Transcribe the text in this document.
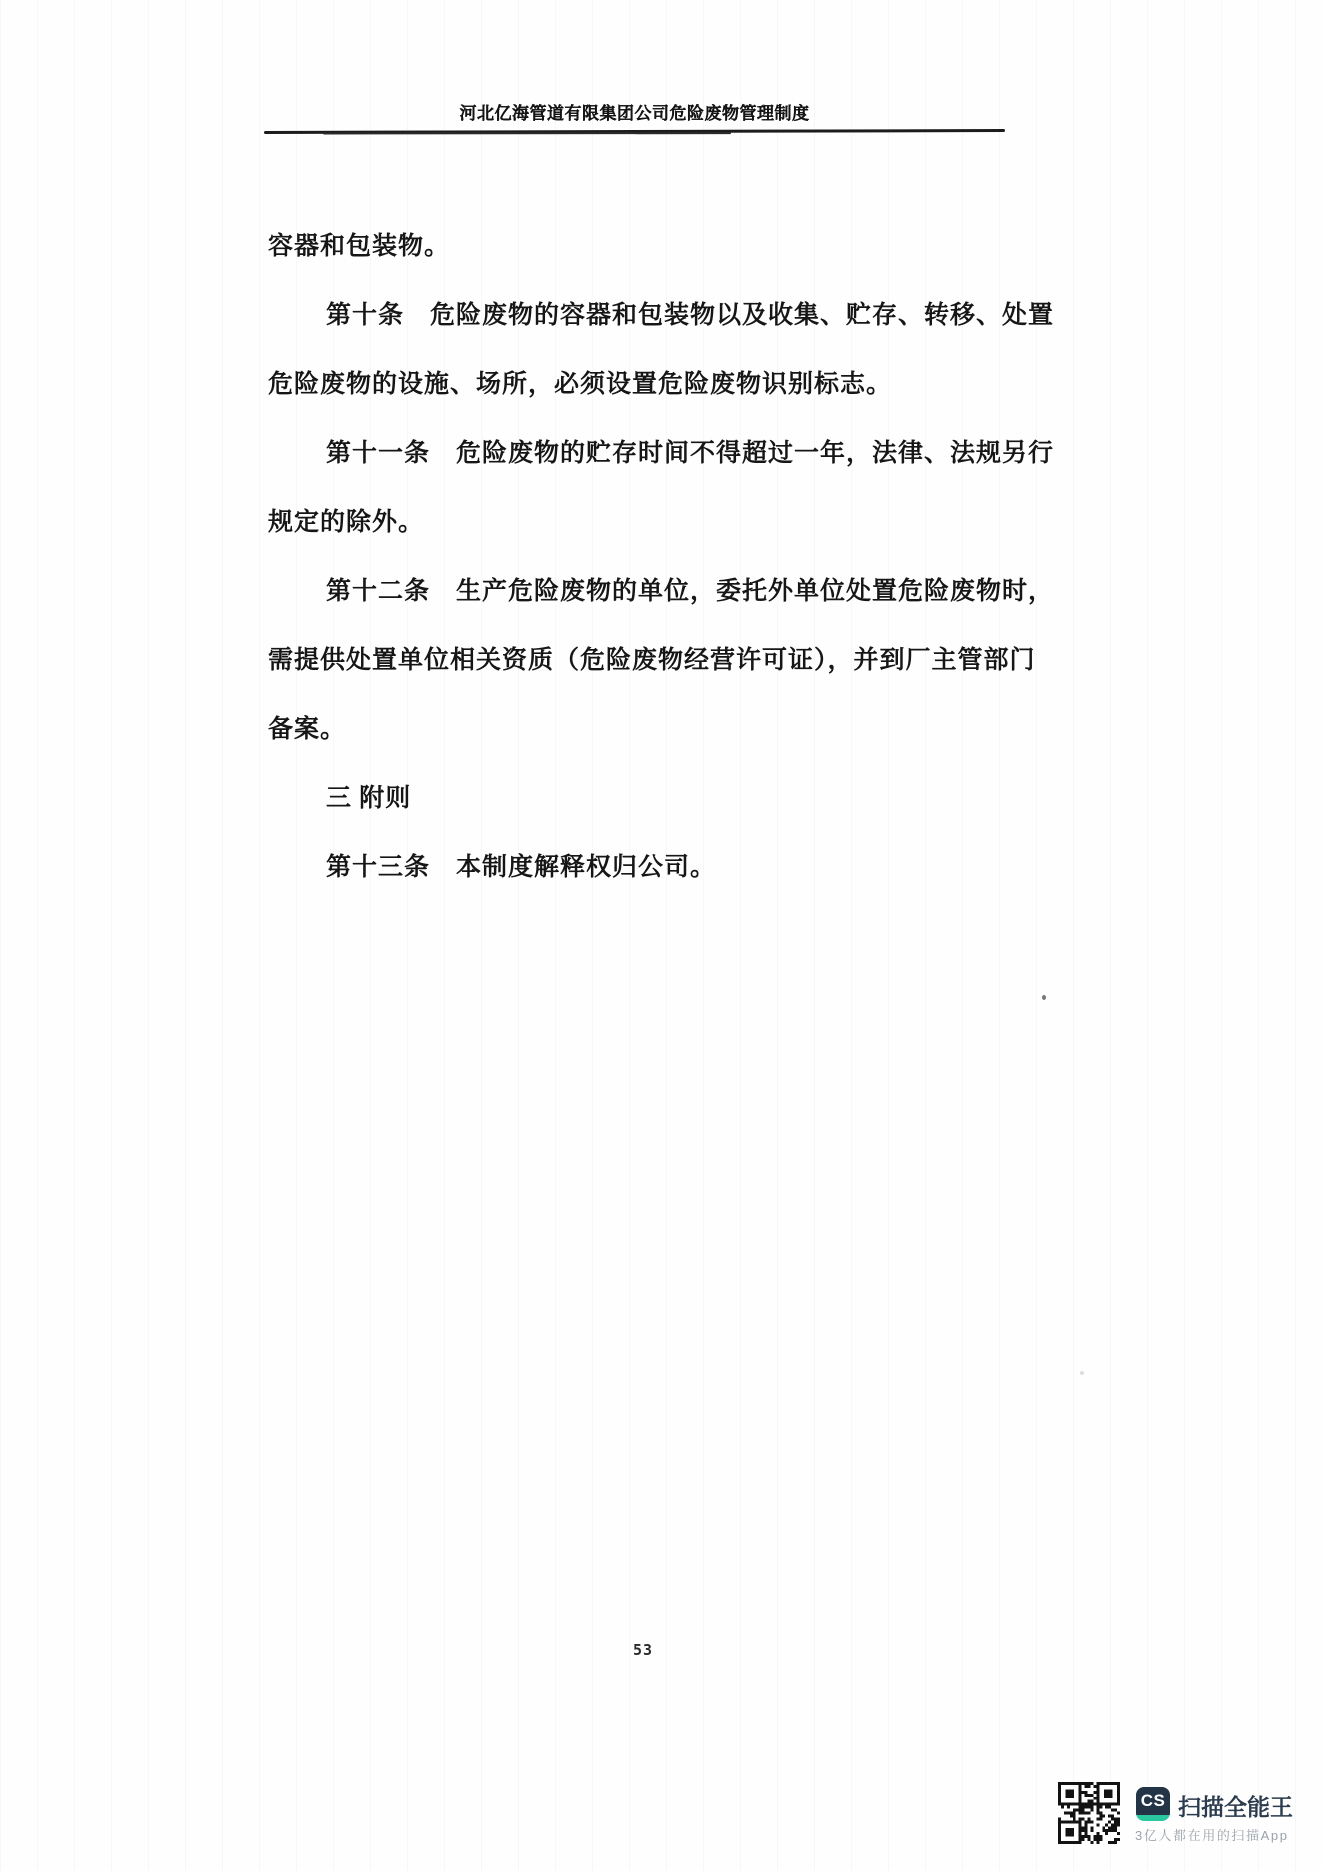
河北亿海管道有限集团公司危险废物管理制度
容器和包装物。
第十条　危险废物的容器和包装物以及收集、贮存、转移、处置
危险废物的设施、场所，必须设置危险废物识别标志。
第十一条　危险废物的贮存时间不得超过一年，法律、法规另行
规定的除外。
第十二条　生产危险废物的单位，委托外单位处置危险废物时，
需提供处置单位相关资质（危险废物经营许可证），并到厂主管部门
备案。
三 附则
第十三条　本制度解释权归公司。
53
CS 扫描全能王
3亿人都在用的扫描App
